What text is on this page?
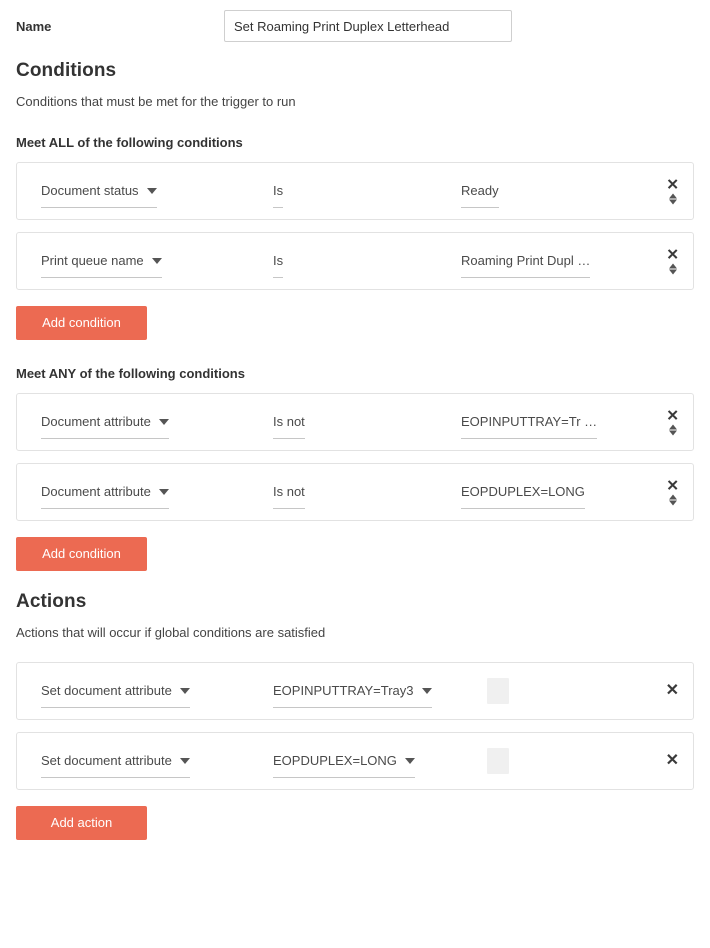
Name
Set Roaming Print Duplex Letterhead
Conditions
Conditions that must be met for the trigger to run
Meet ALL of the following conditions
Document status	Is	Ready	✕
Print queue name	Is	Roaming Print Dupl …	✕
Add condition
Meet ANY of the following conditions
Document attribute	Is not	EOPINPUTTRAY=Tr …	✕
Document attribute	Is not	EOPDUPLEX=LONG	✕
Add condition
Actions
Actions that will occur if global conditions are satisfied
Set document attribute	EOPINPUTTRAY=Tray3	✕
Set document attribute	EOPDUPLEX=LONG	✕
Add action
